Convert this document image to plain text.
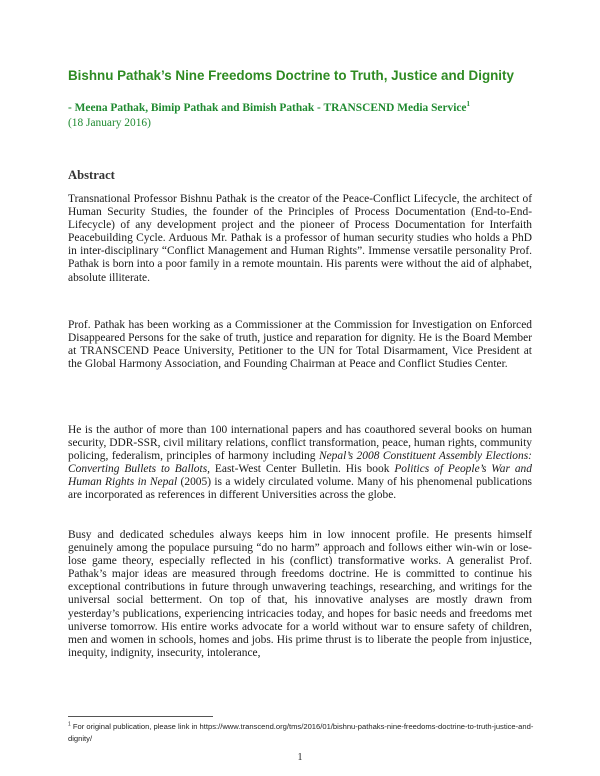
Bishnu Pathak’s Nine Freedoms Doctrine to Truth, Justice and Dignity
- Meena Pathak, Bimip Pathak and Bimish Pathak - TRANSCEND Media Service$^1$
(18 January 2016)
Abstract

Transnational Professor Bishnu Pathak is the creator of the Peace-Conflict Lifecycle, the architect of Human Security Studies, the founder of the Principles of Process Documentation (End-to-End-Lifecycle) of any development project and the pioneer of Process Documentation for Interfaith Peacebuilding Cycle. Arduous Mr. Pathak is a professor of human security studies who holds a PhD in inter-disciplinary “Conflict Management and Human Rights”. Immense versatile personality Prof. Pathak is born into a poor family in a remote mountain. His parents were without the aid of alphabet, absolute illiterate.

Prof. Pathak has been working as a Commissioner at the Commission for Investigation on Enforced Disappeared Persons for the sake of truth, justice and reparation for dignity. He is the Board Member at TRANSCEND Peace University, Petitioner to the UN for Total Disarmament, Vice President at the Global Harmony Association, and Founding Chairman at Peace and Conflict Studies Center.

He is the author of more than 100 international papers and has coauthored several books on human security, DDR-SSR, civil military relations, conflict transformation, peace, human rights, community policing, federalism, principles of harmony including Nepal’s 2008 Constituent Assembly Elections: Converting Bullets to Ballots, East-West Center Bulletin. His book Politics of People’s War and Human Rights in Nepal (2005) is a widely circulated volume. Many of his phenomenal publications are incorporated as references in different Universities across the globe.

Busy and dedicated schedules always keeps him in low innocent profile. He presents himself genuinely among the populace pursuing “do no harm” approach and follows either win-win or lose-lose game theory, especially reflected in his (conflict) transformative works. A generalist Prof. Pathak’s major ideas are measured through freedoms doctrine. He is committed to continue his exceptional contributions in future through unwavering teachings, researching, and writings for the universal social betterment. On top of that, his innovative analyses are mostly drawn from yesterday’s publications, experiencing intricacies today, and hopes for basic needs and freedoms met universe tomorrow. His entire works advocate for a world without war to ensure safety of children, men and women in schools, homes and jobs. His prime thrust is to liberate the people from injustice, inequity, indignity, insecurity, intolerance,

$^1$ For original publication, please link in https://www.transcend.org/tms/2016/01/bishnu-pathaks-nine-freedoms-doctrine-to-truth-justice-and-dignity/
1
